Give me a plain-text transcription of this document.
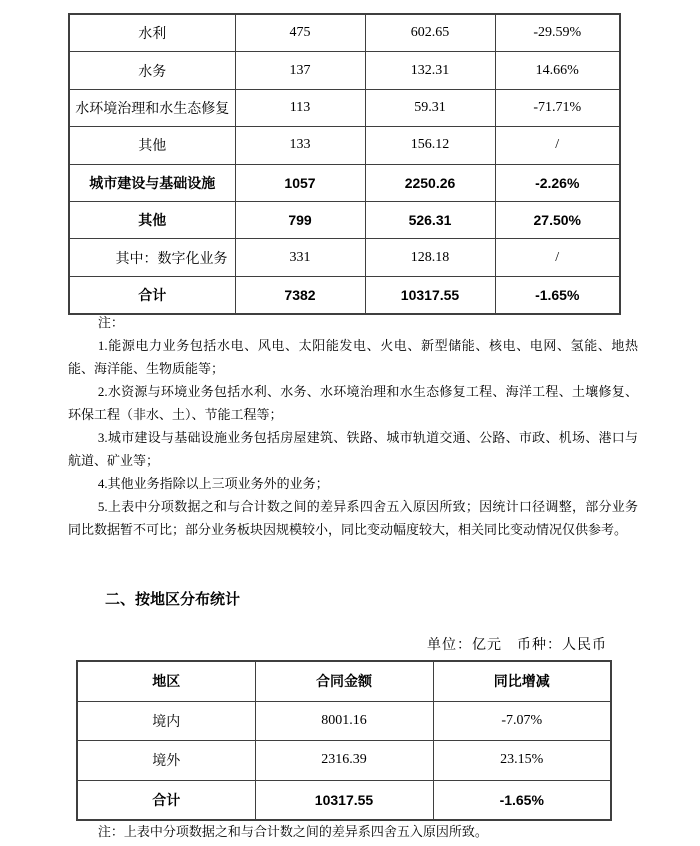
水利	475	602.65	-29.59%
水务	137	132.31	14.66%
水环境治理和水生态修复	113	59.31	-71.71%
其他	133	156.12	/
城市建设与基础设施	1057	2250.26	-2.26%
其他	799	526.31	27.50%
其中：数字化业务	331	128.18	/
合计	7382	10317.55	-1.65%

注：

1.能源电力业务包括水电、风电、太阳能发电、火电、新型储能、核电、电网、氢能、地热能、海洋能、生物质能等；

2.水资源与环境业务包括水利、水务、水环境治理和水生态修复工程、海洋工程、土壤修复、环保工程（非水、土）、节能工程等；

3.城市建设与基础设施业务包括房屋建筑、铁路、城市轨道交通、公路、市政、机场、港口与航道、矿业等；

4.其他业务指除以上三项业务外的业务；

5.上表中分项数据之和与合计数之间的差异系四舍五入原因所致；因统计口径调整，部分业务同比数据暂不可比；部分业务板块因规模较小，同比变动幅度较大，相关同比变动情况仅供参考。

二、按地区分布统计
单位：亿元　币种：人民币
地区	合同金额	同比增减
境内	8001.16	-7.07%
境外	2316.39	23.15%
合计	10317.55	-1.65%

注：上表中分项数据之和与合计数之间的差异系四舍五入原因所致。
